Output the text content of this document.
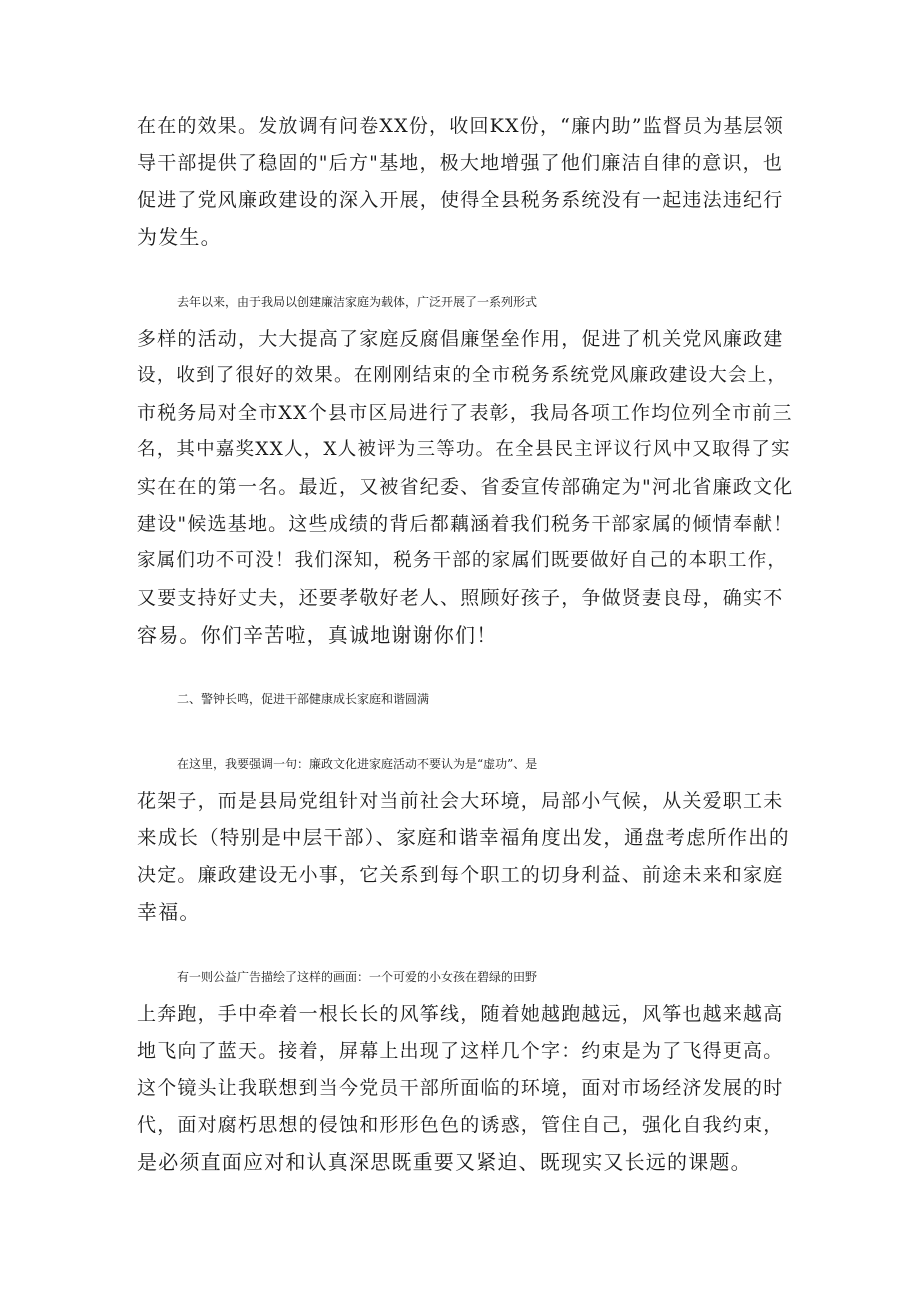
在在的效果。发放调有问卷XX份，收回KX份，“廉内助”监督员为基层领
导干部提供了稳固的"后方"基地，极大地增强了他们廉洁自律的意识，也
促进了党风廉政建设的深入开展，使得全县税务系统没有一起违法违纪行
为发生。
去年以来，由于我局以创建廉洁家庭为载体，广泛开展了一系列形式
多样的活动，大大提高了家庭反腐倡廉堡垒作用，促进了机关党风廉政建
设，收到了很好的效果。在刚刚结束的全市税务系统党风廉政建设大会上，
市税务局对全市XX个县市区局进行了表彰，我局各项工作均位列全市前三
名，其中嘉奖XX人，X人被评为三等功。在全县民主评议行风中又取得了实
实在在的第一名。最近，又被省纪委、省委宣传部确定为"河北省廉政文化
建设"候选基地。这些成绩的背后都藕涵着我们税务干部家属的倾情奉献！
家属们功不可没！我们深知，税务干部的家属们既要做好自己的本职工作，
又要支持好丈夫，还要孝敬好老人、照顾好孩子，争做贤妻良母，确实不
容易。你们辛苦啦，真诚地谢谢你们！
二、警钟长鸣，促进干部健康成长家庭和谐圆满
在这里，我要强调一句：廉政文化进家庭活动不要认为是“虚功”、是
花架子，而是县局党组针对当前社会大环境，局部小气候，从关爱职工未
来成长（特别是中层干部）、家庭和谐幸福角度出发，通盘考虑所作出的
决定。廉政建设无小事，它关系到每个职工的切身利益、前途未来和家庭
幸福。
有一则公益广告描绘了这样的画面：一个可爱的小女孩在碧绿的田野
上奔跑，手中牵着一根长长的风筝线，随着她越跑越远，风筝也越来越高
地飞向了蓝天。接着，屏幕上出现了这样几个字：约束是为了飞得更高。
这个镜头让我联想到当今党员干部所面临的环境，面对市场经济发展的时
代，面对腐朽思想的侵蚀和形形色色的诱惑，管住自己，强化自我约束，
是必须直面应对和认真深思既重要又紧迫、既现实又长远的课题。
